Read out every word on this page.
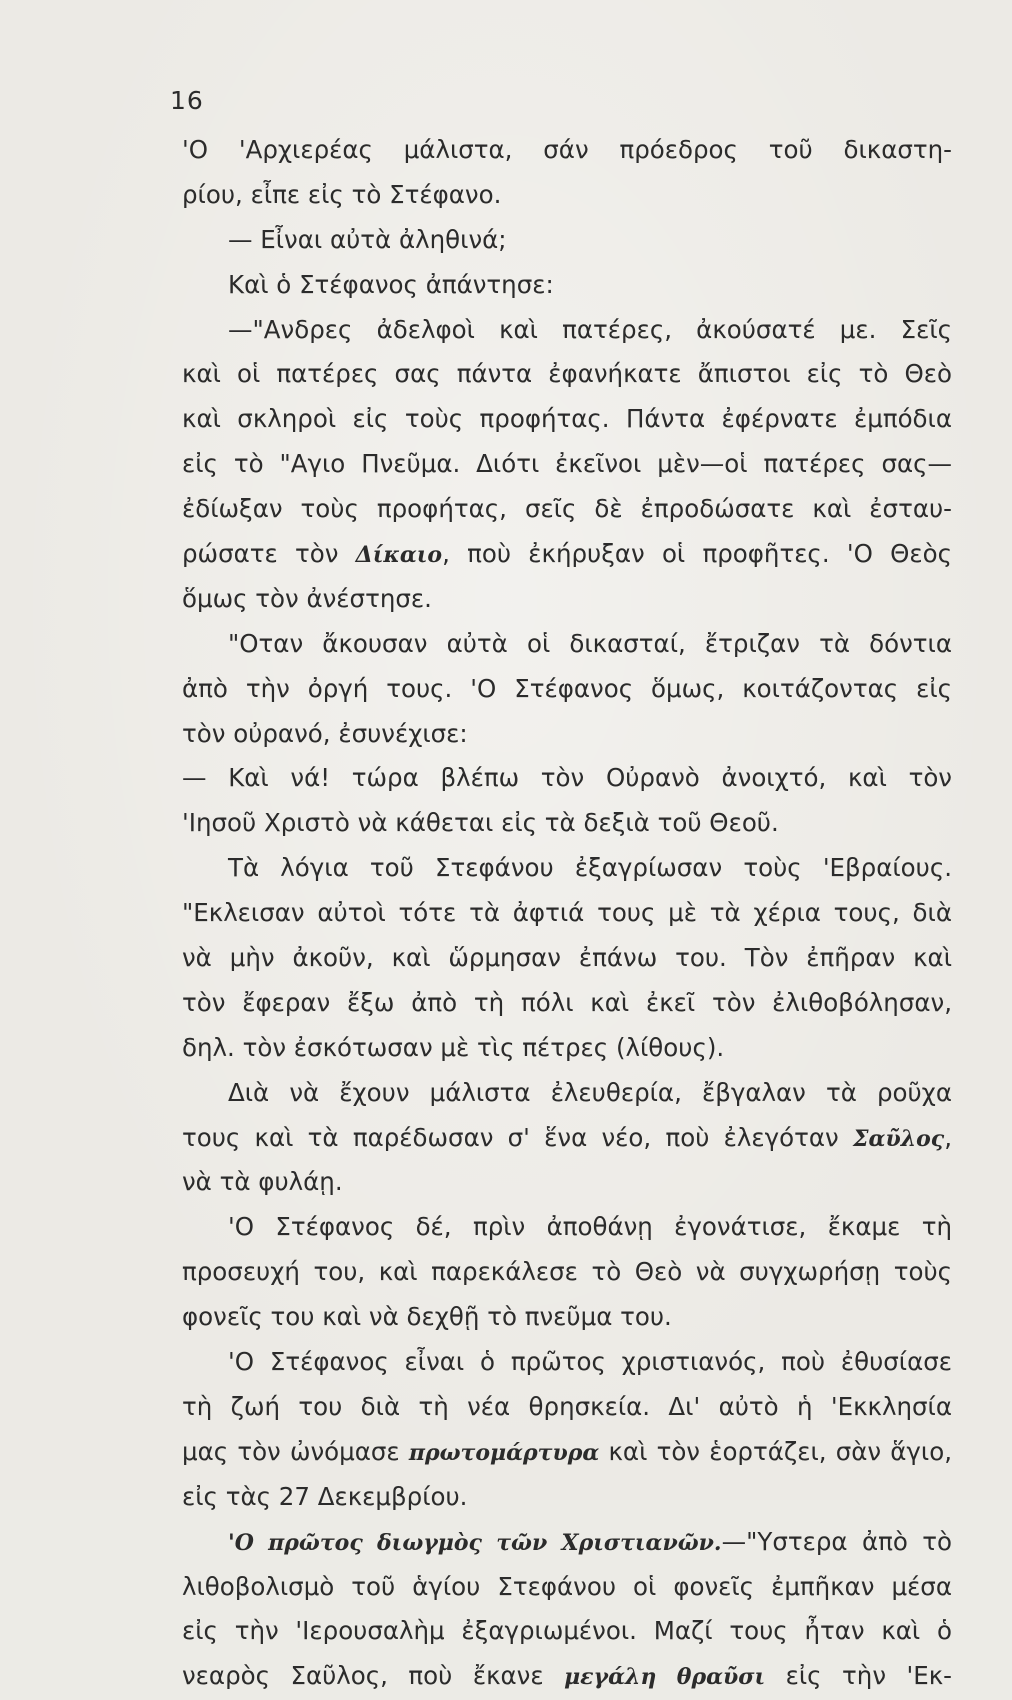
16
'Ο 'Αρχιερέας μάλιστα, σάν πρόεδρος τοῦ δικαστη-
ρίου, εἶπε εἰς τὸ Στέφανο.
— Εἶναι αὐτὰ ἀληθινά;
Καὶ ὁ Στέφανος ἀπάντησε:
—"Ανδρες ἀδελφοὶ καὶ πατέρες, ἀκούσατέ με. Σεῖς
καὶ οἱ πατέρες σας πάντα ἐφανήκατε ἄπιστοι εἰς τὸ Θεὸ
καὶ σκληροὶ εἰς τοὺς προφήτας. Πάντα ἐφέρνατε ἐμπόδια
εἰς τὸ "Αγιο Πνεῦμα. Διότι ἐκεῖνοι μὲν—οἱ πατέρες σας—
ἐδίωξαν τοὺς προφήτας, σεῖς δὲ ἐπροδώσατε καὶ ἐσταυ-
ρώσατε τὸν Δίκαιο, ποὺ ἐκήρυξαν οἱ προφῆτες. 'Ο Θεὸς
ὅμως τὸν ἀνέστησε.
"Οταν ἄκουσαν αὐτὰ οἱ δικασταί, ἔτριζαν τὰ δόντια
ἀπὸ τὴν ὀργή τους. 'Ο Στέφανος ὅμως, κοιτάζοντας εἰς
τὸν οὐρανό, ἐσυνέχισε:
— Καὶ νά! τώρα βλέπω τὸν Οὐρανὸ ἀνοιχτό, καὶ τὸν
'Ιησοῦ Χριστὸ νὰ κάθεται εἰς τὰ δεξιὰ τοῦ Θεοῦ.
Τὰ λόγια τοῦ Στεφάνου ἐξαγρίωσαν τοὺς 'Εβραίους.
"Εκλεισαν αὐτοὶ τότε τὰ ἀφτιά τους μὲ τὰ χέρια τους, διὰ
νὰ μὴν ἀκοῦν, καὶ ὥρμησαν ἐπάνω του. Τὸν ἐπῆραν καὶ
τὸν ἔφεραν ἔξω ἀπὸ τὴ πόλι καὶ ἐκεῖ τὸν ἐλιθοβόλησαν,
δηλ. τὸν ἐσκότωσαν μὲ τὶς πέτρες (λίθους).
Διὰ νὰ ἔχουν μάλιστα ἐλευθερία, ἔβγαλαν τὰ ροῦχα
τους καὶ τὰ παρέδωσαν σ' ἕνα νέο, ποὺ ἐλεγόταν Σαῦλος,
νὰ τὰ φυλάῃ.
'Ο Στέφανος δέ, πρὶν ἀποθάνῃ ἐγονάτισε, ἔκαμε τὴ
προσευχή του, καὶ παρεκάλεσε τὸ Θεὸ νὰ συγχωρήσῃ τοὺς
φονεῖς του καὶ νὰ δεχθῇ τὸ πνεῦμα του.
'Ο Στέφανος εἶναι ὁ πρῶτος χριστιανός, ποὺ ἐθυσίασε
τὴ ζωή του διὰ τὴ νέα θρησκεία. Δι' αὐτὸ ἡ 'Εκκλησία
μας τὸν ὠνόμασε πρωτομάρτυρα καὶ τὸν ἑορτάζει, σὰν ἅγιο,
εἰς τὰς 27 Δεκεμβρίου.
'Ο πρῶτος διωγμὸς τῶν Χριστιανῶν.—"Υστερα ἀπὸ τὸ
λιθοβολισμὸ τοῦ ἁγίου Στεφάνου οἱ φονεῖς ἐμπῆκαν μέσα
εἰς τὴν 'Ιερουσαλὴμ ἐξαγριωμένοι. Μαζί τους ἦταν καὶ ὁ
νεαρὸς Σαῦλος, ποὺ ἔκανε μεγάλη θραῦσι εἰς τὴν 'Εκ-
